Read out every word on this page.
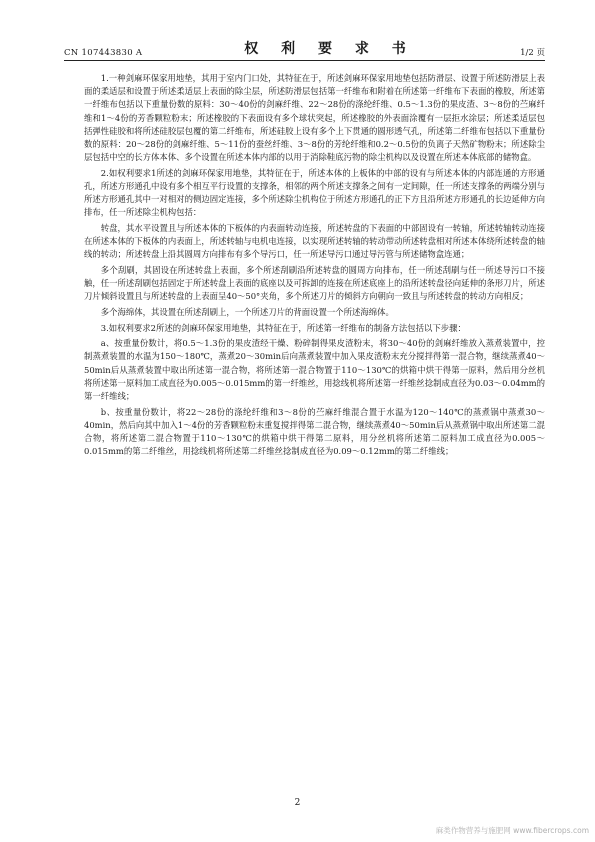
CN 107443830 A	权 利 要 求 书	1/2 页

1.一种剑麻环保家用地垫，其用于室内门口处，其特征在于，所述剑麻环保家用地垫包括防滑层、设置于所述防滑层上表面的柔适层和设置于所述柔适层上表面的除尘层，所述防滑层包括第一纤维布和附着在所述第一纤维布下表面的橡胶，所述第一纤维布包括以下重量份数的原料：30～40份的剑麻纤维、22～28份的涤纶纤维、0.5～1.3份的果皮渣、3～8份的苎麻纤维和1～4份的芳香颗粒粉末；所述橡胶的下表面设有多个球状突起，所述橡胶的外表面涂覆有一层拒水涂层；所述柔适层包括弹性硅胶和将所述硅胶层包覆的第二纤维布，所述硅胶上设有多个上下贯通的圆形透气孔，所述第二纤维布包括以下重量份数的原料：20～28份的剑麻纤维、5～11份的蚕丝纤维、3～8份的芳纶纤维和0.2～0.5份的负离子天然矿物粉末；所述除尘层包括中空的长方体本体、多个设置在所述本体内部的以用于消除鞋底污物的除尘机构以及设置在所述本体底部的储物盒。

2.如权利要求1所述的剑麻环保家用地垫，其特征在于，所述本体的上板体的中部的设有与所述本体的内部连通的方形通孔，所述方形通孔中设有多个相互平行设置的支撑条，相邻的两个所述支撑条之间有一定间隙，任一所述支撑条的两端分别与所述方形通孔其中一对相对的侧边固定连接，多个所述除尘机构位于所述方形通孔的正下方且沿所述方形通孔的长边延伸方向排布，任一所述除尘机构包括：

转盘，其水平设置且与所述本体的下板体的内表面转动连接，所述转盘的下表面的中部固设有一转轴，所述转轴转动连接在所述本体的下板体的内表面上，所述转轴与电机电连接，以实现所述转轴的转动带动所述转盘相对所述本体绕所述转盘的轴线的转动；所述转盘上沿其圆周方向排布有多个导污口，任一所述导污口通过导污管与所述储物盒连通；

多个刮刷，其固设在所述转盘上表面，多个所述刮刷沿所述转盘的圆周方向排布，任一所述刮刷与任一所述导污口不接触，任一所述刮刷包括固定于所述转盘上表面的底座以及可拆卸的连接在所述底座上的沿所述转盘径向延伸的条形刀片，所述刀片倾斜设置且与所述转盘的上表面呈40～50°夹角，多个所述刀片的倾斜方向朝向一致且与所述转盘的转动方向相反；

多个海绵体，其设置在所述刮刷上，一个所述刀片的背面设置一个所述海绵体。

3.如权利要求2所述的剑麻环保家用地垫，其特征在于，所述第一纤维布的制备方法包括以下步骤：

a、按重量份数计，将0.5～1.3份的果皮渣经干燥、粉碎制得果皮渣粉末，将30～40份的剑麻纤维放入蒸煮装置中，控制蒸煮装置的水温为150～180℃，蒸煮20～30min后向蒸煮装置中加入果皮渣粉末充分搅拌得第一混合物，继续蒸煮40～50min后从蒸煮装置中取出所述第一混合物，将所述第一混合物置于110～130℃的烘箱中烘干得第一原料，然后用分丝机将所述第一原料加工成直径为0.005～0.015mm的第一纤维丝，用捻线机将所述第一纤维丝捻制成直径为0.03～0.04mm的第一纤维线；

b、按重量份数计，将22～28份的涤纶纤维和3～8份的苎麻纤维混合置于水温为120～140℃的蒸煮锅中蒸煮30～40min，然后向其中加入1～4份的芳香颗粒粉末重复搅拌得第二混合物，继续蒸煮40～50min后从蒸煮锅中取出所述第二混合物，将所述第二混合物置于110～130℃的烘箱中烘干得第二原料，用分丝机将所述第二原料加工成直径为0.005～0.015mm的第二纤维丝，用捻线机将所述第二纤维丝捻制成直径为0.09～0.12mm的第二纤维线；

2
麻类作物营养与施肥网 www.fibercrops.com
